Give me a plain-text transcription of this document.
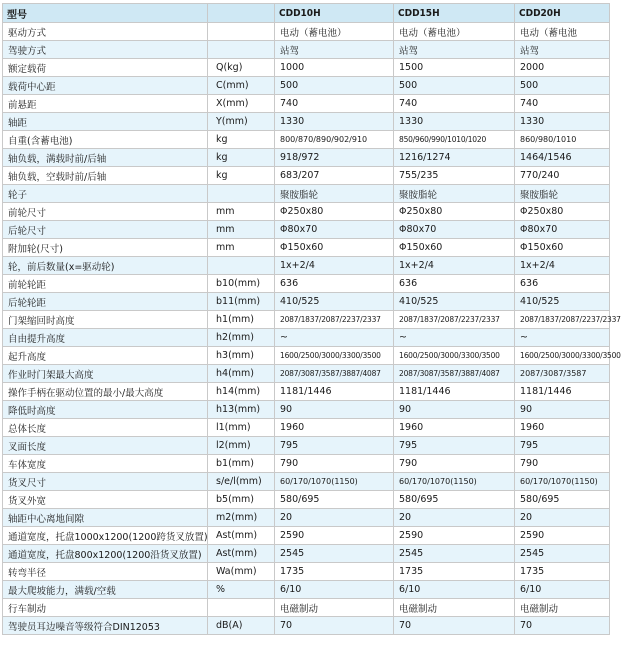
型号		CDD10H	CDD15H	CDD20H
驱动方式		电动（蓄电池）	电动（蓄电池）	电动（蓄电池
驾驶方式		站驾	站驾	站驾
额定载荷	Q(kg)	1000	1500	2000
载荷中心距	C(mm)	500	500	500
前悬距	X(mm)	740	740	740
轴距	Y(mm)	1330	1330	1330
自重(含蓄电池)	kg	800/870/890/902/910	850/960/990/1010/1020	860/980/1010
轴负载，满载时前/后轴	kg	918/972	1216/1274	1464/1546
轴负载，空载时前/后轴	kg	683/207	755/235	770/240
轮子		聚胺脂轮	聚胺脂轮	聚胺脂轮
前轮尺寸	mm	Φ250x80	Φ250x80	Φ250x80
后轮尺寸	mm	Φ80x70	Φ80x70	Φ80x70
附加轮(尺寸)	mm	Φ150x60	Φ150x60	Φ150x60
轮，前后数量(x=驱动轮)		1x+2/4	1x+2/4	1x+2/4
前轮轮距	b10(mm)	636	636	636
后轮轮距	b11(mm)	410/525	410/525	410/525
门架缩回时高度	h1(mm)	2087/1837/2087/2237/2337	2087/1837/2087/2237/2337	2087/1837/2087/2237/2337
自由提升高度	h2(mm)	~	~	~
起升高度	h3(mm)	1600/2500/3000/3300/3500	1600/2500/3000/3300/3500	1600/2500/3000/3300/3500
作业时门架最大高度	h4(mm)	2087/3087/3587/3887/4087	2087/3087/3587/3887/4087	2087/3087/3587
操作手柄在驱动位置的最小/最大高度	h14(mm)	1181/1446	1181/1446	1181/1446
降低时高度	h13(mm)	90	90	90
总体长度	l1(mm)	1960	1960	1960
叉面长度	l2(mm)	795	795	795
车体宽度	b1(mm)	790	790	790
货叉尺寸	s/e/l(mm)	60/170/1070(1150)	60/170/1070(1150)	60/170/1070(1150)
货叉外宽	b5(mm)	580/695	580/695	580/695
轴距中心离地间隙	m2(mm)	20	20	20
通道宽度，托盘1000x1200(1200跨货叉放置)	Ast(mm)	2590	2590	2590
通道宽度，托盘800x1200(1200沿货叉放置)	Ast(mm)	2545	2545	2545
转弯半径	Wa(mm)	1735	1735	1735
最大爬坡能力，满载/空载	%	6/10	6/10	6/10
行车制动		电磁制动	电磁制动	电磁制动
驾驶员耳边噪音等级符合DIN12053	dB(A)	70	70	70
